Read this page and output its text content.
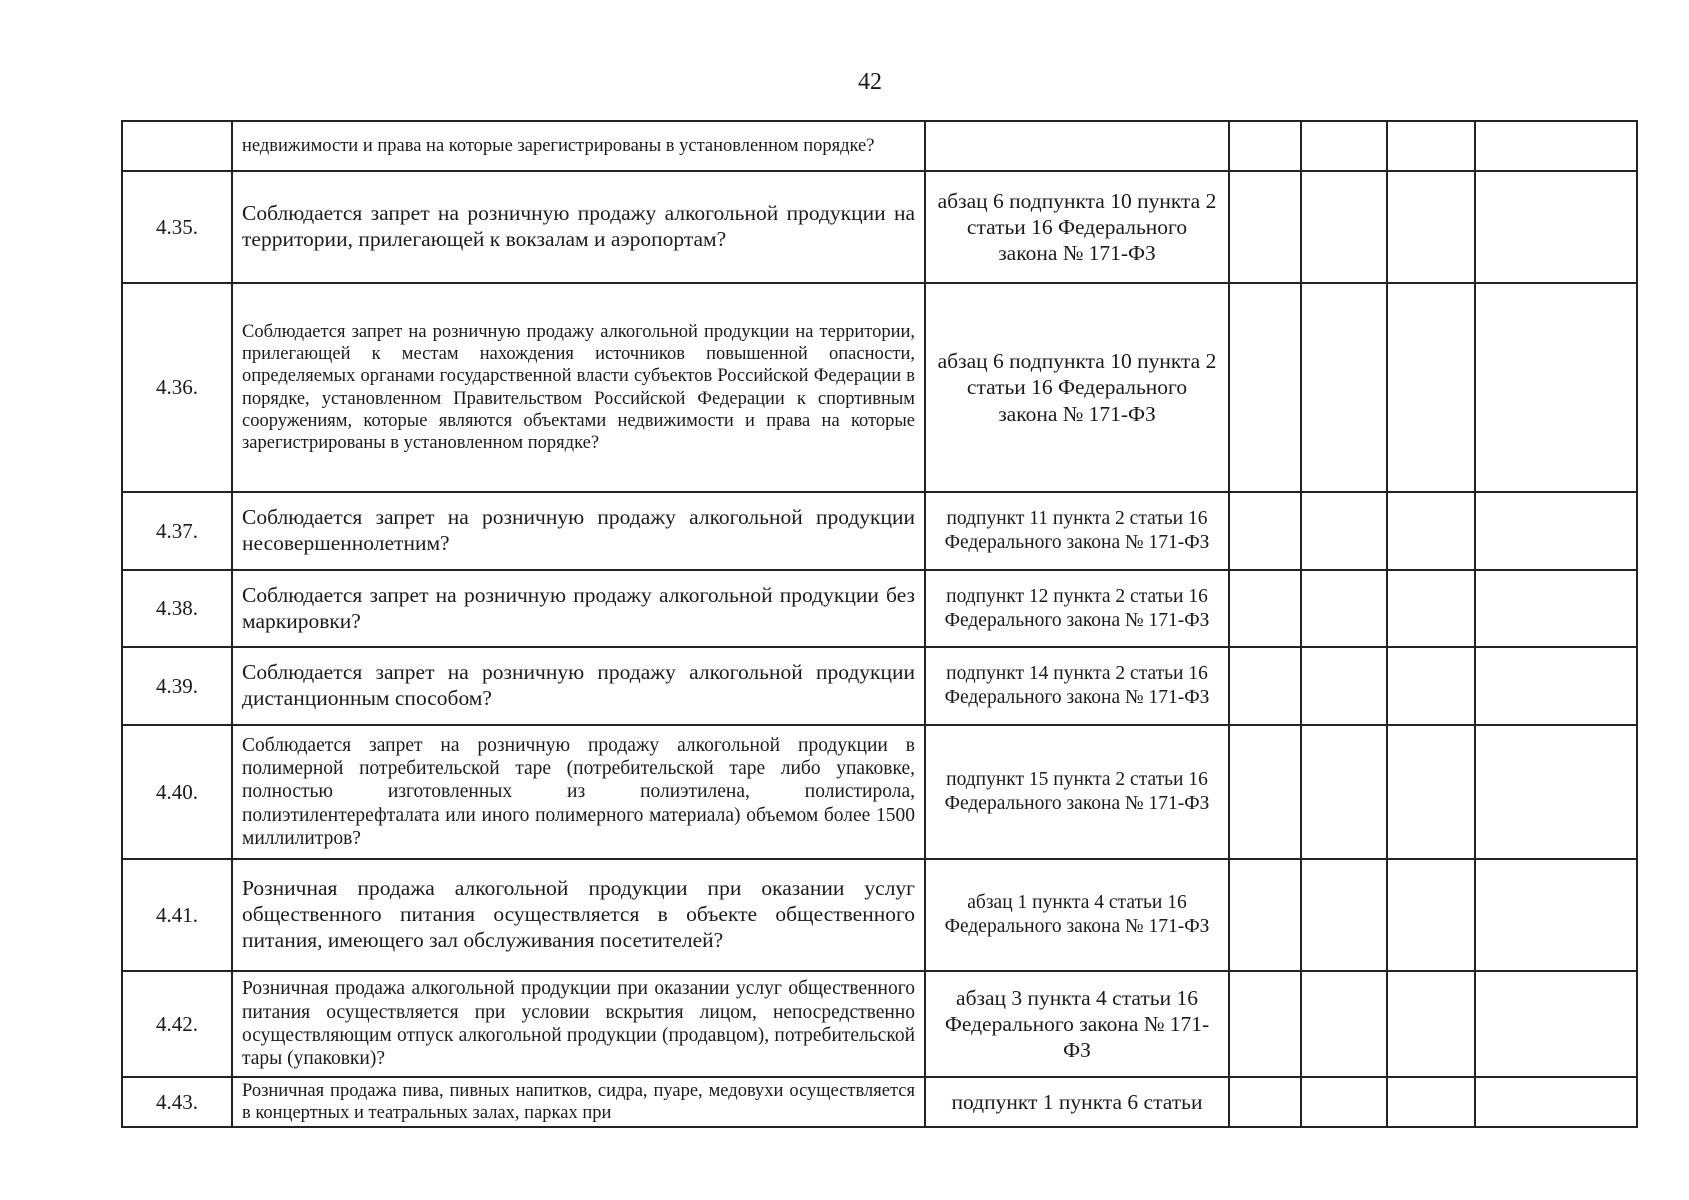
42
	недвижимости и права на которые зарегистрированы в установленном порядке?					
4.35.	Соблюдается запрет на розничную продажу алкогольной продукции на территории, прилегающей к вокзалам и аэропортам?	абзац 6 подпункта 10 пункта 2 статьи 16 Федерального закона № 171-ФЗ				
4.36.	Соблюдается запрет на розничную продажу алкогольной продукции на территории, прилегающей к местам нахождения источников повышенной опасности, определяемых органами государственной власти субъектов Российской Федерации в порядке, установленном Правительством Российской Федерации к спортивным сооружениям, которые являются объектами недвижимости и права на которые зарегистрированы в установленном порядке?	абзац 6 подпункта 10 пункта 2 статьи 16 Федерального закона № 171-ФЗ				
4.37.	Соблюдается запрет на розничную продажу алкогольной продукции несовершеннолетним?	подпункт 11 пункта 2 статьи 16 Федерального закона № 171-ФЗ				
4.38.	Соблюдается запрет на розничную продажу алкогольной продукции без маркировки?	подпункт 12 пункта 2 статьи 16 Федерального закона № 171-ФЗ				
4.39.	Соблюдается запрет на розничную продажу алкогольной продукции дистанционным способом?	подпункт 14 пункта 2 статьи 16 Федерального закона № 171-ФЗ				
4.40.	Соблюдается запрет на розничную продажу алкогольной продукции в полимерной потребительской таре (потребительской таре либо упаковке, полностью изготовленных из полиэтилена, полистирола, полиэтилентерефталата или иного полимерного материала) объемом более 1500 миллилитров?	подпункт 15 пункта 2 статьи 16 Федерального закона № 171-ФЗ				
4.41.	Розничная продажа алкогольной продукции при оказании услуг общественного питания осуществляется в объекте общественного питания, имеющего зал обслуживания посетителей?	абзац 1 пункта 4 статьи 16 Федерального закона № 171-ФЗ				
4.42.	Розничная продажа алкогольной продукции при оказании услуг общественного питания осуществляется при условии вскрытия лицом, непосредственно осуществляющим отпуск алкогольной продукции (продавцом), потребительской тары (упаковки)?	абзац 3 пункта 4 статьи 16 Федерального закона № 171-ФЗ				
4.43.	Розничная продажа пива, пивных напитков, сидра, пуаре, медовухи осуществляется в концертных и театральных залах, парках при	подпункт 1 пункта 6 статьи				
